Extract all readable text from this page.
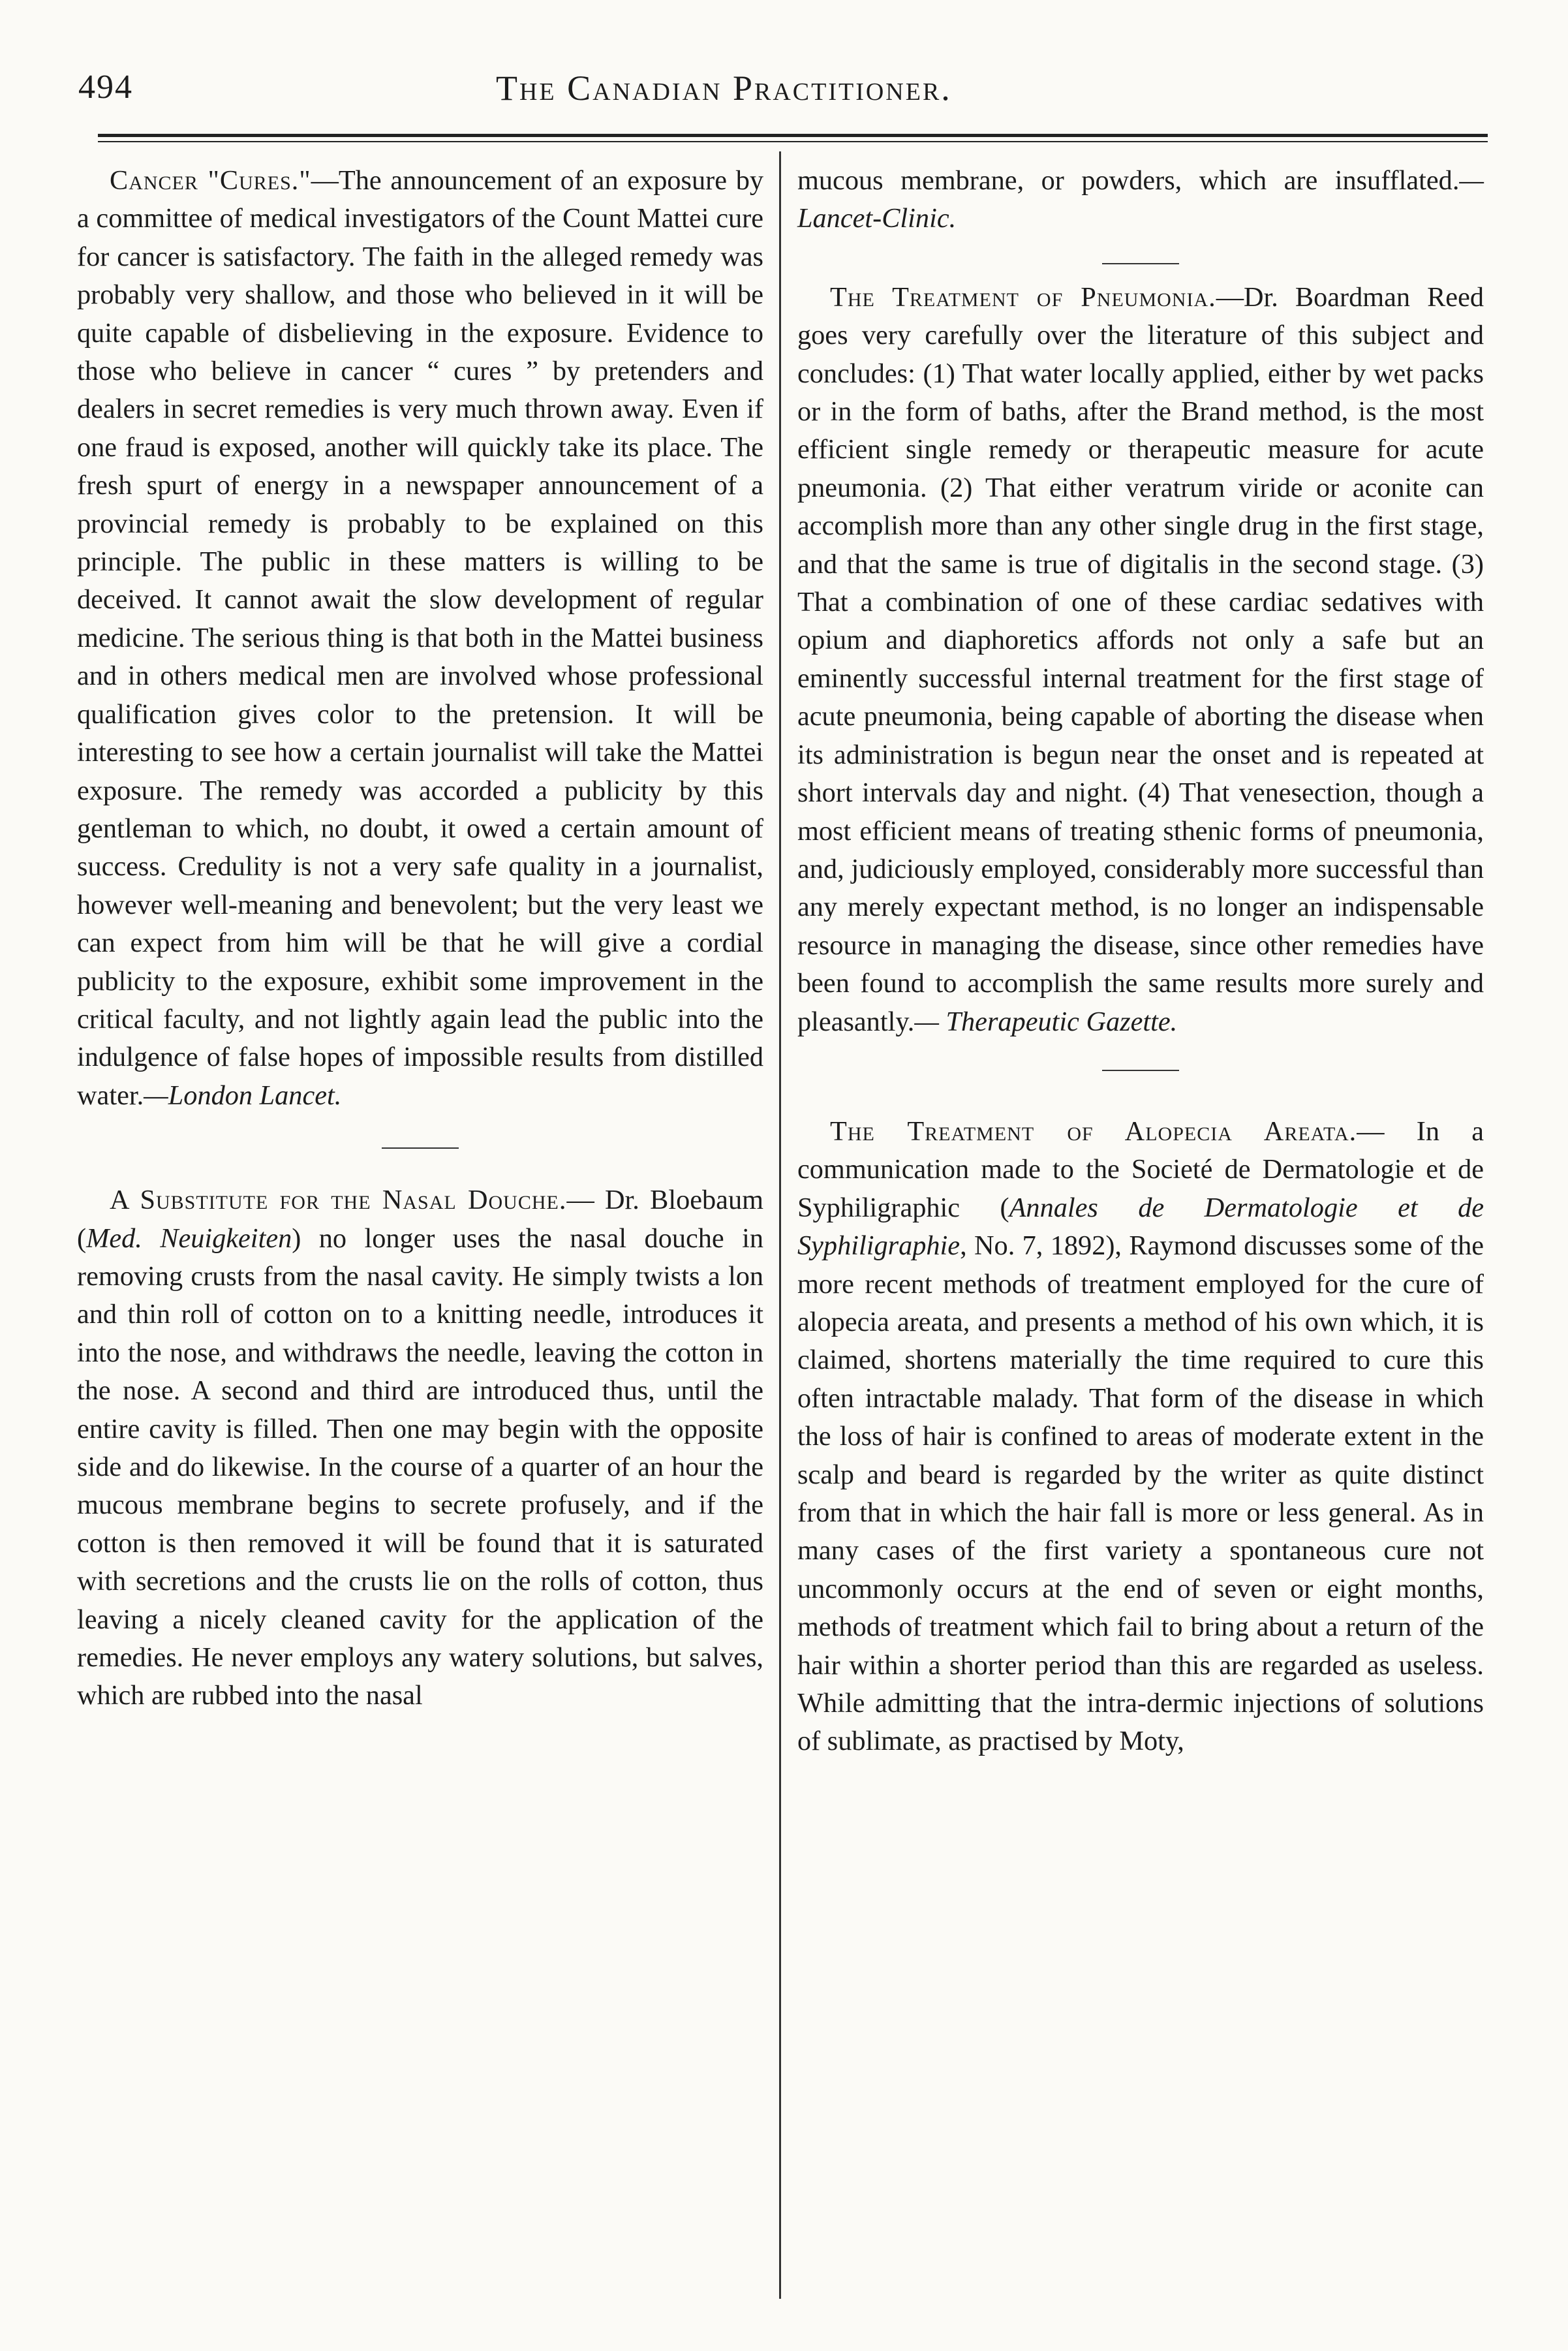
494	The Canadian Practitioner.

Cancer "Cures."—The announcement of an exposure by a committee of medical investigators of the Count Mattei cure for cancer is satisfactory. The faith in the alleged remedy was probably very shallow, and those who believed in it will be quite capable of disbelieving in the exposure. Evidence to those who believe in cancer “ cures ” by pretenders and dealers in secret remedies is very much thrown away. Even if one fraud is exposed, another will quickly take its place. The fresh spurt of energy in a newspaper announcement of a provincial remedy is probably to be explained on this principle. The public in these matters is willing to be deceived. It cannot await the slow development of regular medicine. The serious thing is that both in the Mattei business and in others medical men are involved whose professional qualification gives color to the pretension. It will be interesting to see how a certain journalist will take the Mattei exposure. The remedy was accorded a publicity by this gentleman to which, no doubt, it owed a certain amount of success. Credulity is not a very safe quality in a journalist, however well-meaning and benevolent; but the very least we can expect from him will be that he will give a cordial publicity to the exposure, exhibit some improvement in the critical faculty, and not lightly again lead the public into the indulgence of false hopes of impossible results from distilled water.—London Lancet.

A Substitute for the Nasal Douche.— Dr. Bloebaum (Med. Neuigkeiten) no longer uses the nasal douche in removing crusts from the nasal cavity. He simply twists a lon and thin roll of cotton on to a knitting needle, introduces it into the nose, and withdraws the needle, leaving the cotton in the nose. A second and third are introduced thus, until the entire cavity is filled. Then one may begin with the opposite side and do likewise. In the course of a quarter of an hour the mucous membrane begins to secrete profusely, and if the cotton is then removed it will be found that it is saturated with secretions and the crusts lie on the rolls of cotton, thus leaving a nicely cleaned cavity for the application of the remedies. He never employs any watery solutions, but salves, which are rubbed into the nasal

mucous membrane, or powders, which are insufflated.—Lancet-Clinic.

The Treatment of Pneumonia.—Dr. Boardman Reed goes very carefully over the literature of this subject and concludes: (1) That water locally applied, either by wet packs or in the form of baths, after the Brand method, is the most efficient single remedy or therapeutic measure for acute pneumonia. (2) That either veratrum viride or aconite can accomplish more than any other single drug in the first stage, and that the same is true of digitalis in the second stage. (3) That a combination of one of these cardiac sedatives with opium and diaphoretics affords not only a safe but an eminently successful internal treatment for the first stage of acute pneumonia, being capable of aborting the disease when its administration is begun near the onset and is repeated at short intervals day and night. (4) That venesection, though a most efficient means of treating sthenic forms of pneumonia, and, judiciously employed, considerably more successful than any merely expectant method, is no longer an indispensable resource in managing the disease, since other remedies have been found to accomplish the same results more surely and pleasantly.— Therapeutic Gazette.

The Treatment of Alopecia Areata.— In a communication made to the Societé de Dermatologie et de Syphiligraphic (Annales de Dermatologie et de Syphiligraphie, No. 7, 1892), Raymond discusses some of the more recent methods of treatment employed for the cure of alopecia areata, and presents a method of his own which, it is claimed, shortens materially the time required to cure this often intractable malady. That form of the disease in which the loss of hair is confined to areas of moderate extent in the scalp and beard is regarded by the writer as quite distinct from that in which the hair fall is more or less general. As in many cases of the first variety a spontaneous cure not uncommonly occurs at the end of seven or eight months, methods of treatment which fail to bring about a return of the hair within a shorter period than this are regarded as useless. While admitting that the intra-dermic injections of solutions of sublimate, as practised by Moty,
